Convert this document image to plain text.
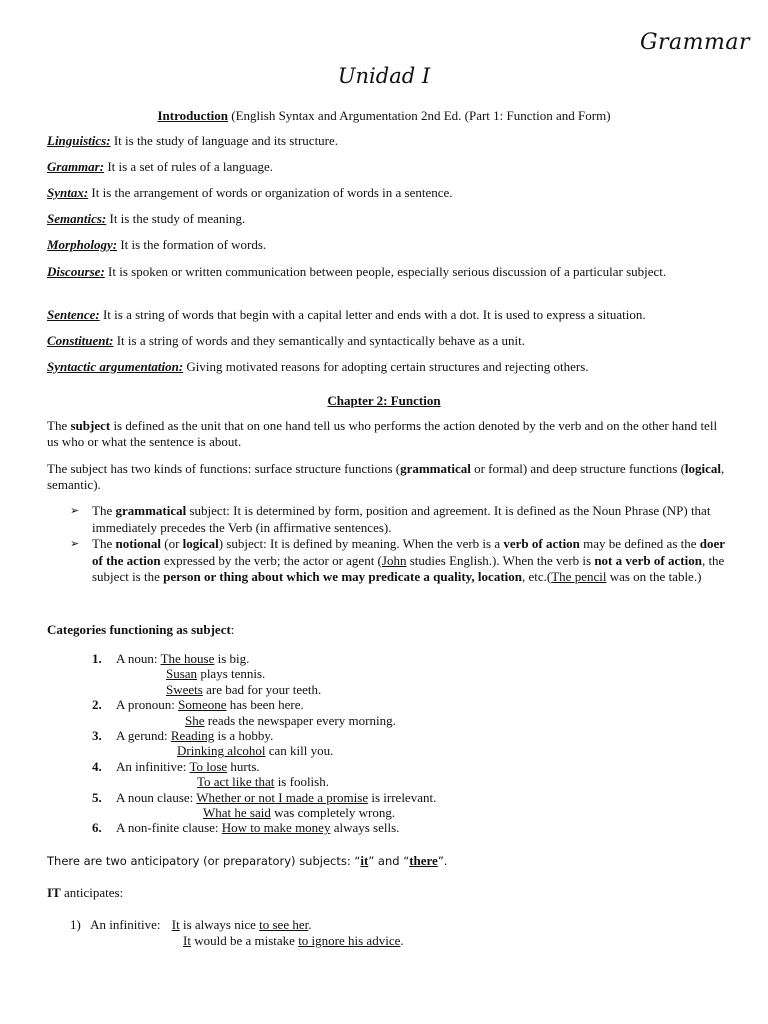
Grammar
Unidad I
Introduction (English Syntax and Argumentation 2nd Ed. (Part 1: Function and Form)
Linguistics: It is the study of language and its structure.
Grammar: It is a set of rules of a language.
Syntax: It is the arrangement of words or organization of words in a sentence.
Semantics: It is the study of meaning.
Morphology: It is the formation of words.
Discourse: It is spoken or written communication between people, especially serious discussion of a particular subject.
Sentence: It is a string of words that begin with a capital letter and ends with a dot. It is used to express a situation.
Constituent: It is a string of words and they semantically and syntactically behave as a unit.
Syntactic argumentation: Giving motivated reasons for adopting certain structures and rejecting others.
Chapter 2: Function
The subject is defined as the unit that on one hand tell us who performs the action denoted by the verb and on the other hand tell us who or what the sentence is about.
The subject has two kinds of functions: surface structure functions (grammatical or formal) and deep structure functions (logical, semantic).
➢ The grammatical subject: It is determined by form, position and agreement. It is defined as the Noun Phrase (NP) that immediately precedes the Verb (in affirmative sentences).
➢ The notional (or logical) subject: It is defined by meaning. When the verb is a verb of action may be defined as the doer of the action expressed by the verb; the actor or agent (John studies English.). When the verb is not a verb of action, the subject is the person or thing about which we may predicate a quality, location, etc.(The pencil was on the table.)
Categories functioning as subject:
1. A noun: The house is big.
Susan plays tennis.
Sweets are bad for your teeth.
2. A pronoun: Someone has been here.
She reads the newspaper every morning.
3. A gerund: Reading is a hobby.
Drinking alcohol can kill you.
4. An infinitive: To lose hurts.
To act like that is foolish.
5. A noun clause: Whether or not I made a promise is irrelevant.
What he said was completely wrong.
6. A non-finite clause: How to make money always sells.
There are two anticipatory (or preparatory) subjects: “it” and “there”.
IT anticipates:
1) An infinitive: It is always nice to see her.
It would be a mistake to ignore his advice.
